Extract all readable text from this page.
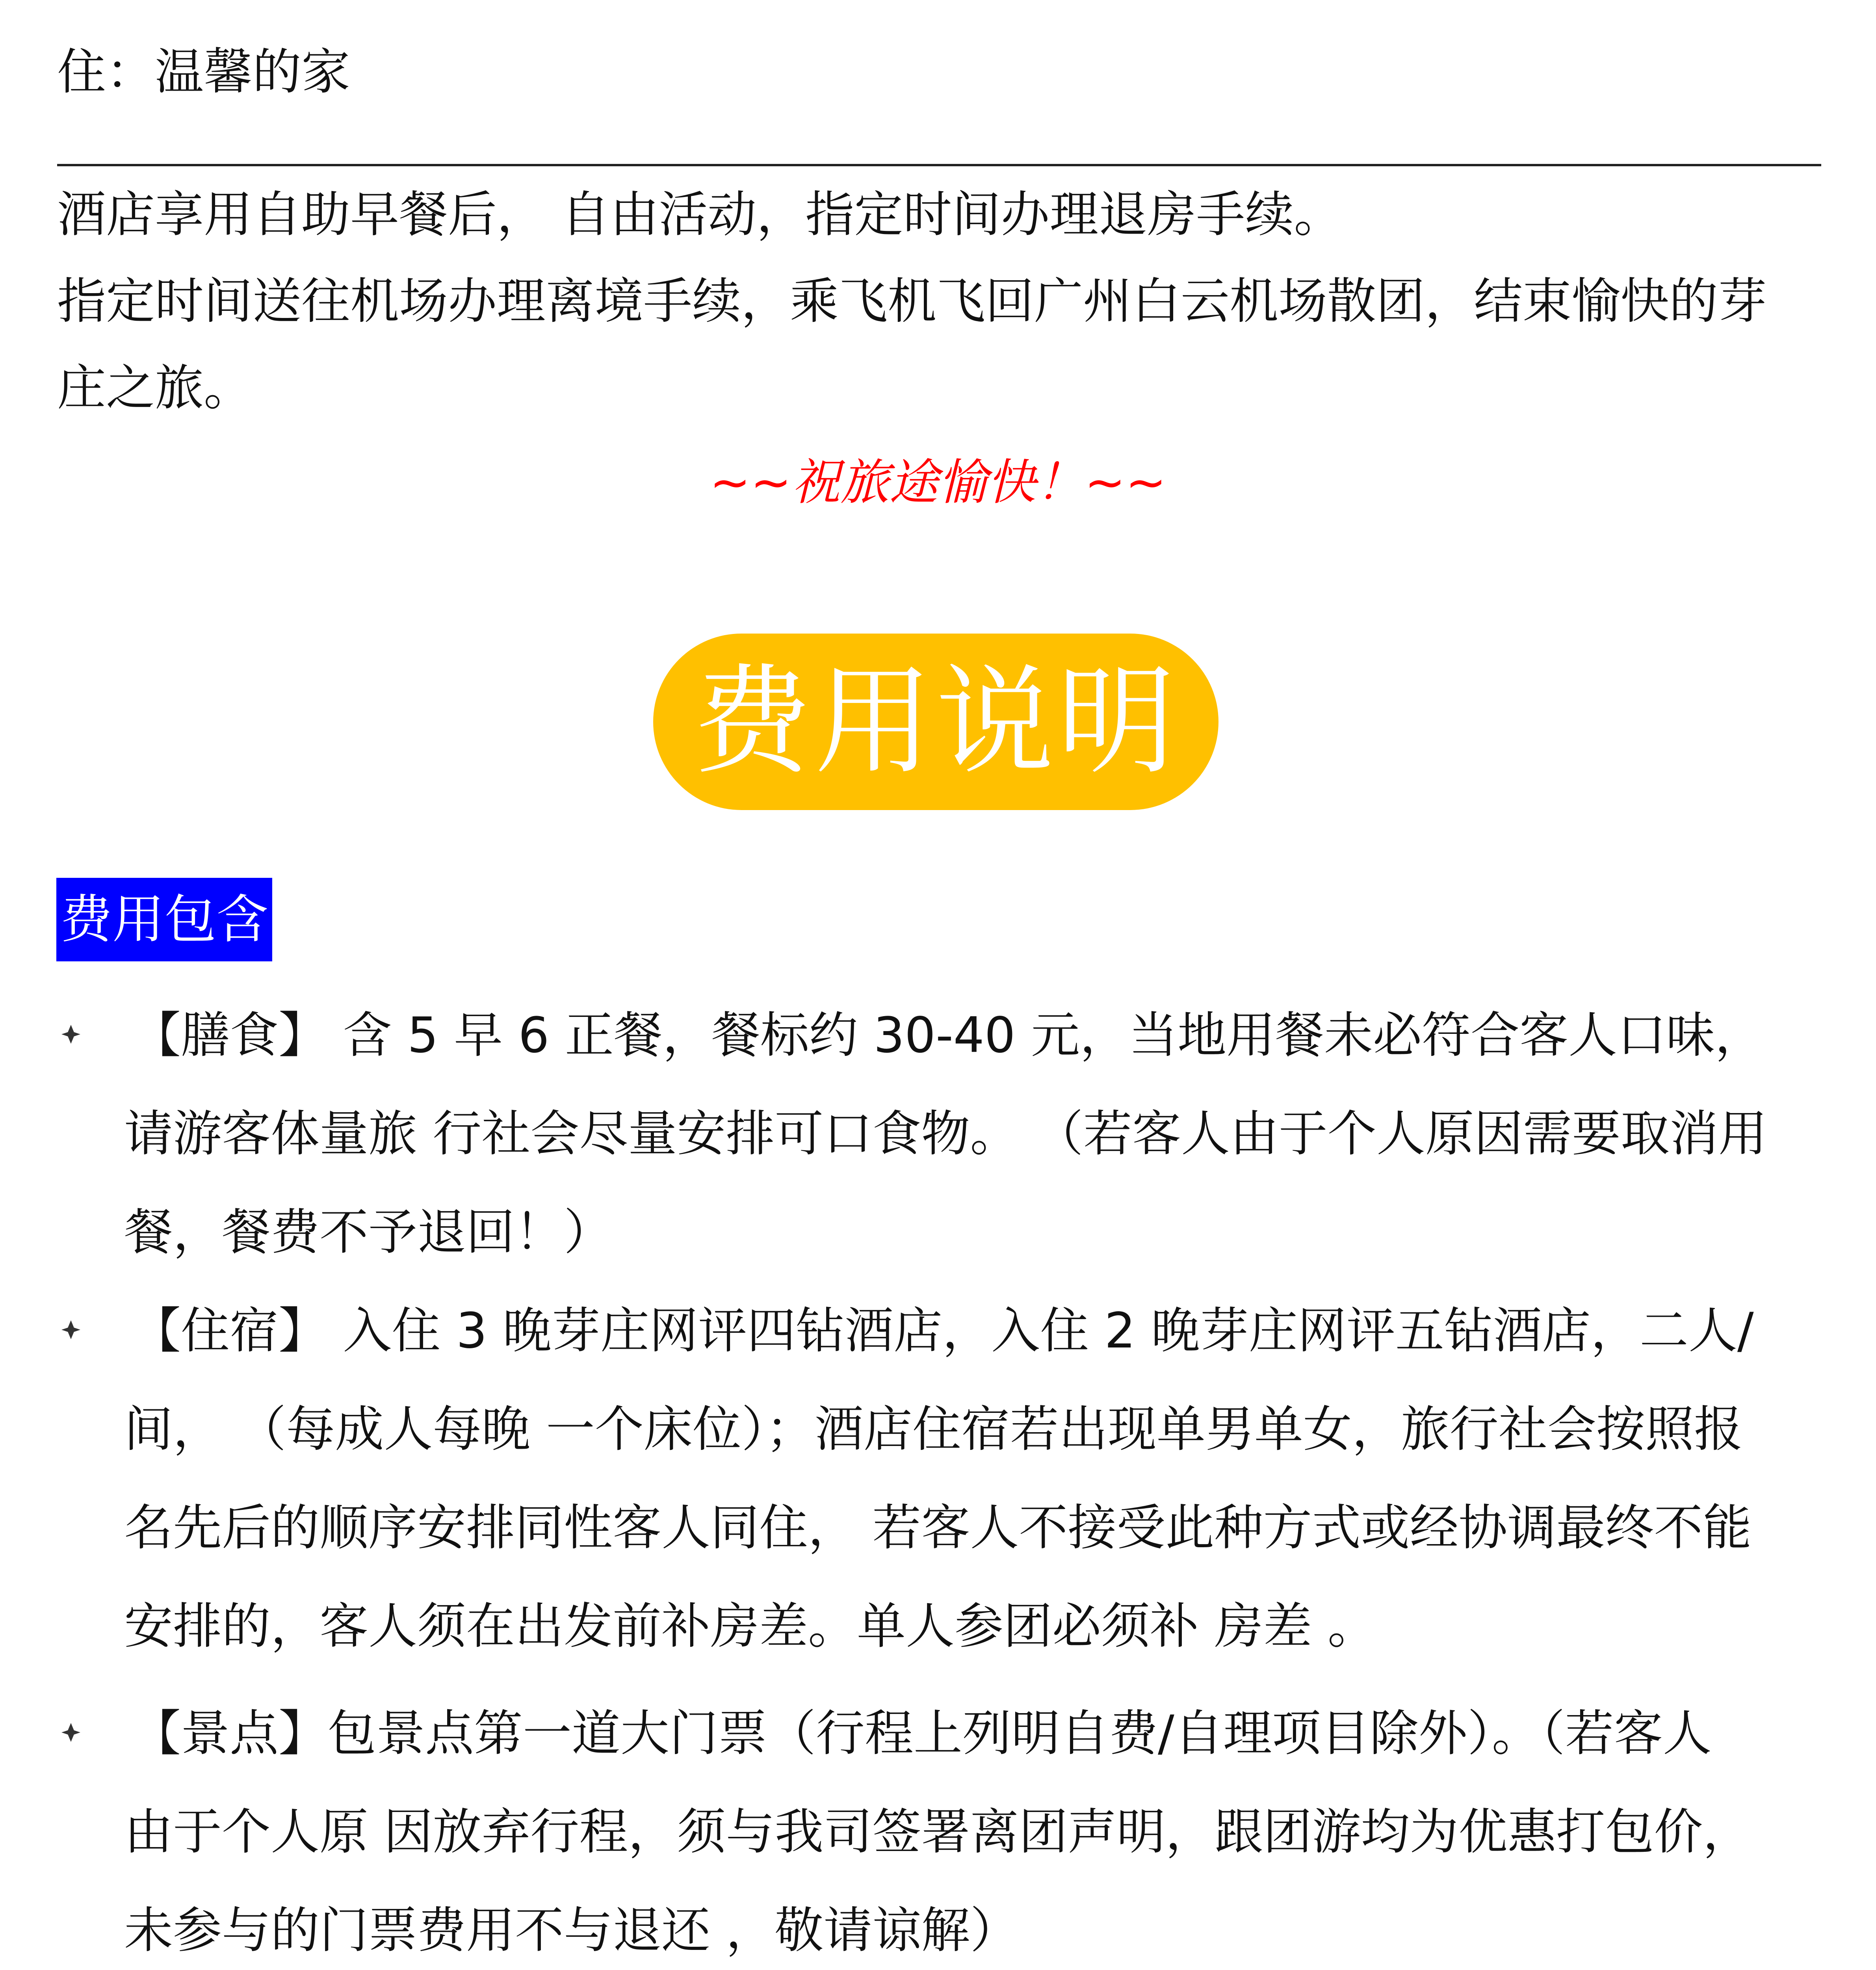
住：温馨的家
酒店享用自助早餐后， 自由活动，指定时间办理退房手续。
指定时间送往机场办理离境手续，乘飞机飞回广州白云机场散团，结束愉快的芽
庄之旅。
~~祝旅途愉快！~~
费用说明
费用包含
【膳食】 含 5 早 6 正餐，餐标约 30-40 元，当地用餐未必符合客人口味，
请游客体量旅 行社会尽量安排可口食物。 （若客人由于个人原因需要取消用
餐，餐费不予退回！）
【住宿】 入住 3 晚芽庄网评四钻酒店，入住 2 晚芽庄网评五钻酒店，二人/
间， （每成人每晚 一个床位）；酒店住宿若出现单男单女，旅行社会按照报
名先后的顺序安排同性客人同住， 若客人不接受此种方式或经协调最终不能
安排的，客人须在出发前补房差。单人参团必须补 房差 。
【景点】包景点第一道大门票（行程上列明自费/自理项目除外）。（若客人
由于个人原 因放弃行程，须与我司签署离团声明，跟团游均为优惠打包价，
未参与的门票费用不与退还 ，敬请谅解）
